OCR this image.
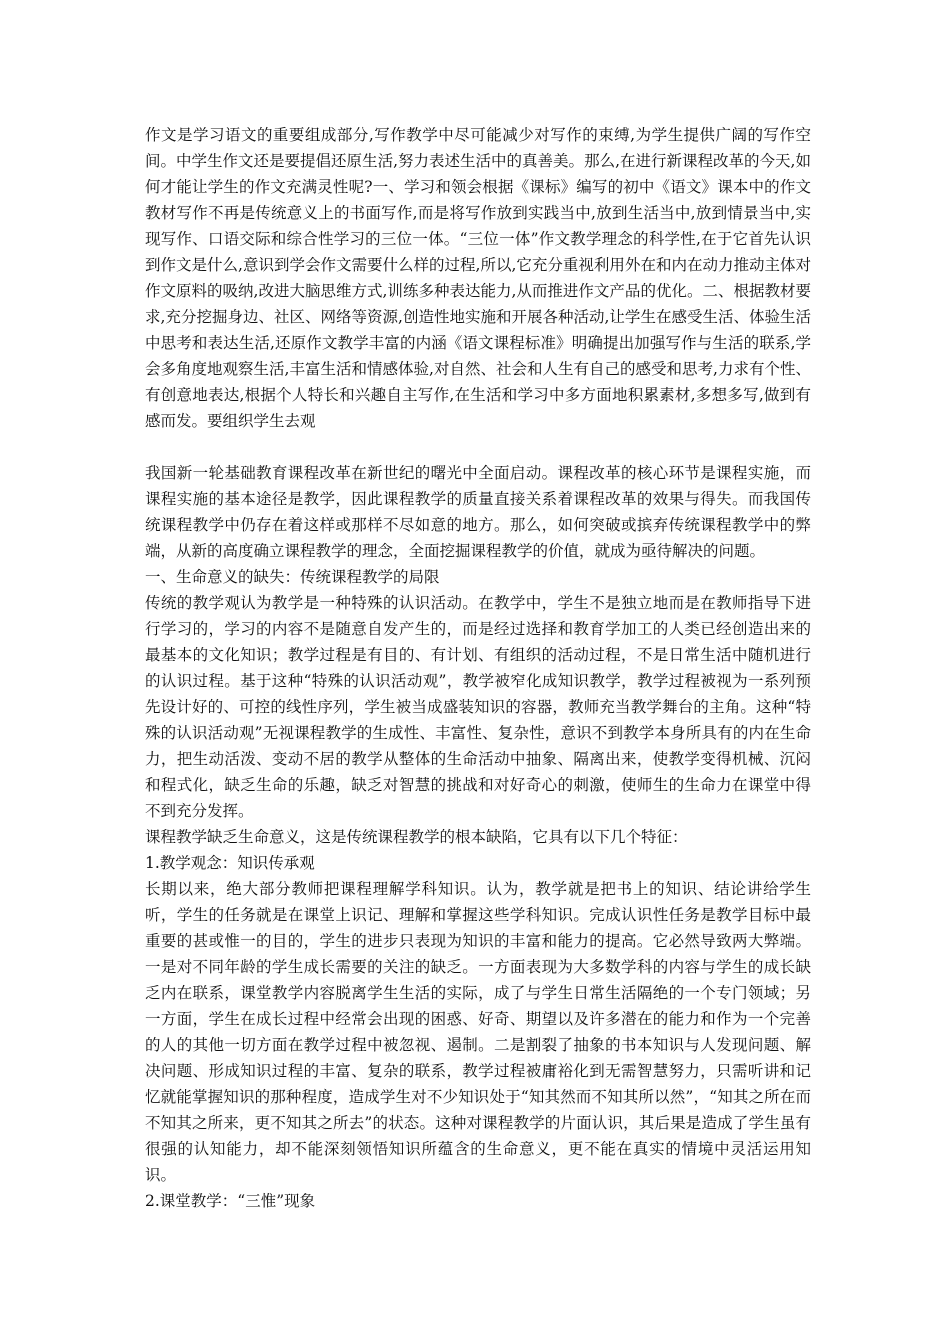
作文是学习语文的重要组成部分,写作教学中尽可能减少对写作的束缚,为学生提供广阔的写作空间。中学生作文还是要提倡还原生活,努力表述生活中的真善美。那么,在进行新课程改革的今天,如何才能让学生的作文充满灵性呢?一、学习和领会根据《课标》编写的初中《语文》课本中的作文教材写作不再是传统意义上的书面写作,而是将写作放到实践当中,放到生活当中,放到情景当中,实现写作、口语交际和综合性学习的三位一体。“三位一体”作文教学理念的科学性,在于它首先认识到作文是什么,意识到学会作文需要什么样的过程,所以,它充分重视利用外在和内在动力推动主体对作文原料的吸纳,改进大脑思维方式,训练多种表达能力,从而推进作文产品的优化。二、根据教材要求,充分挖掘身边、社区、网络等资源,创造性地实施和开展各种活动,让学生在感受生活、体验生活中思考和表达生活,还原作文教学丰富的内涵《语文课程标准》明确提出加强写作与生活的联系,学会多角度地观察生活,丰富生活和情感体验,对自然、社会和人生有自己的感受和思考,力求有个性、有创意地表达,根据个人特长和兴趣自主写作,在生活和学习中多方面地积累素材,多想多写,做到有感而发。要组织学生去观

我国新一轮基础教育课程改革在新世纪的曙光中全面启动。课程改革的核心环节是课程实施，而课程实施的基本途径是教学，因此课程教学的质量直接关系着课程改革的效果与得失。而我国传统课程教学中仍存在着这样或那样不尽如意的地方。那么，如何突破或摈弃传统课程教学中的弊端，从新的高度确立课程教学的理念，全面挖掘课程教学的价值，就成为亟待解决的问题。

一、生命意义的缺失：传统课程教学的局限

传统的教学观认为教学是一种特殊的认识活动。在教学中，学生不是独立地而是在教师指导下进行学习的，学习的内容不是随意自发产生的，而是经过选择和教育学加工的人类已经创造出来的最基本的文化知识；教学过程是有目的、有计划、有组织的活动过程，不是日常生活中随机进行的认识过程。基于这种“特殊的认识活动观”，教学被窄化成知识教学，教学过程被视为一系列预先设计好的、可控的线性序列，学生被当成盛装知识的容器，教师充当教学舞台的主角。这种“特殊的认识活动观”无视课程教学的生成性、丰富性、复杂性，意识不到教学本身所具有的内在生命力，把生动活泼、变动不居的教学从整体的生命活动中抽象、隔离出来，使教学变得机械、沉闷和程式化，缺乏生命的乐趣，缺乏对智慧的挑战和对好奇心的刺激，使师生的生命力在课堂中得不到充分发挥。

课程教学缺乏生命意义，这是传统课程教学的根本缺陷，它具有以下几个特征：

1.教学观念：知识传承观

长期以来，绝大部分教师把课程理解学科知识。认为，教学就是把书上的知识、结论讲给学生听，学生的任务就是在课堂上识记、理解和掌握这些学科知识。完成认识性任务是教学目标中最重要的甚或惟一的目的，学生的进步只表现为知识的丰富和能力的提高。它必然导致两大弊端。一是对不同年龄的学生成长需要的关注的缺乏。一方面表现为大多数学科的内容与学生的成长缺乏内在联系，课堂教学内容脱离学生生活的实际，成了与学生日常生活隔绝的一个专门领域；另一方面，学生在成长过程中经常会出现的困惑、好奇、期望以及许多潜在的能力和作为一个完善的人的其他一切方面在教学过程中被忽视、遏制。二是割裂了抽象的书本知识与人发现问题、解决问题、形成知识过程的丰富、复杂的联系，教学过程被庸裕化到无需智慧努力，只需听讲和记忆就能掌握知识的那种程度，造成学生对不少知识处于“知其然而不知其所以然”，“知其之所在而不知其之所来，更不知其之所去”的状态。这种对课程教学的片面认识，其后果是造成了学生虽有很强的认知能力，却不能深刻领悟知识所蕴含的生命意义，更不能在真实的情境中灵活运用知识。

2.课堂教学：“三惟”现象
